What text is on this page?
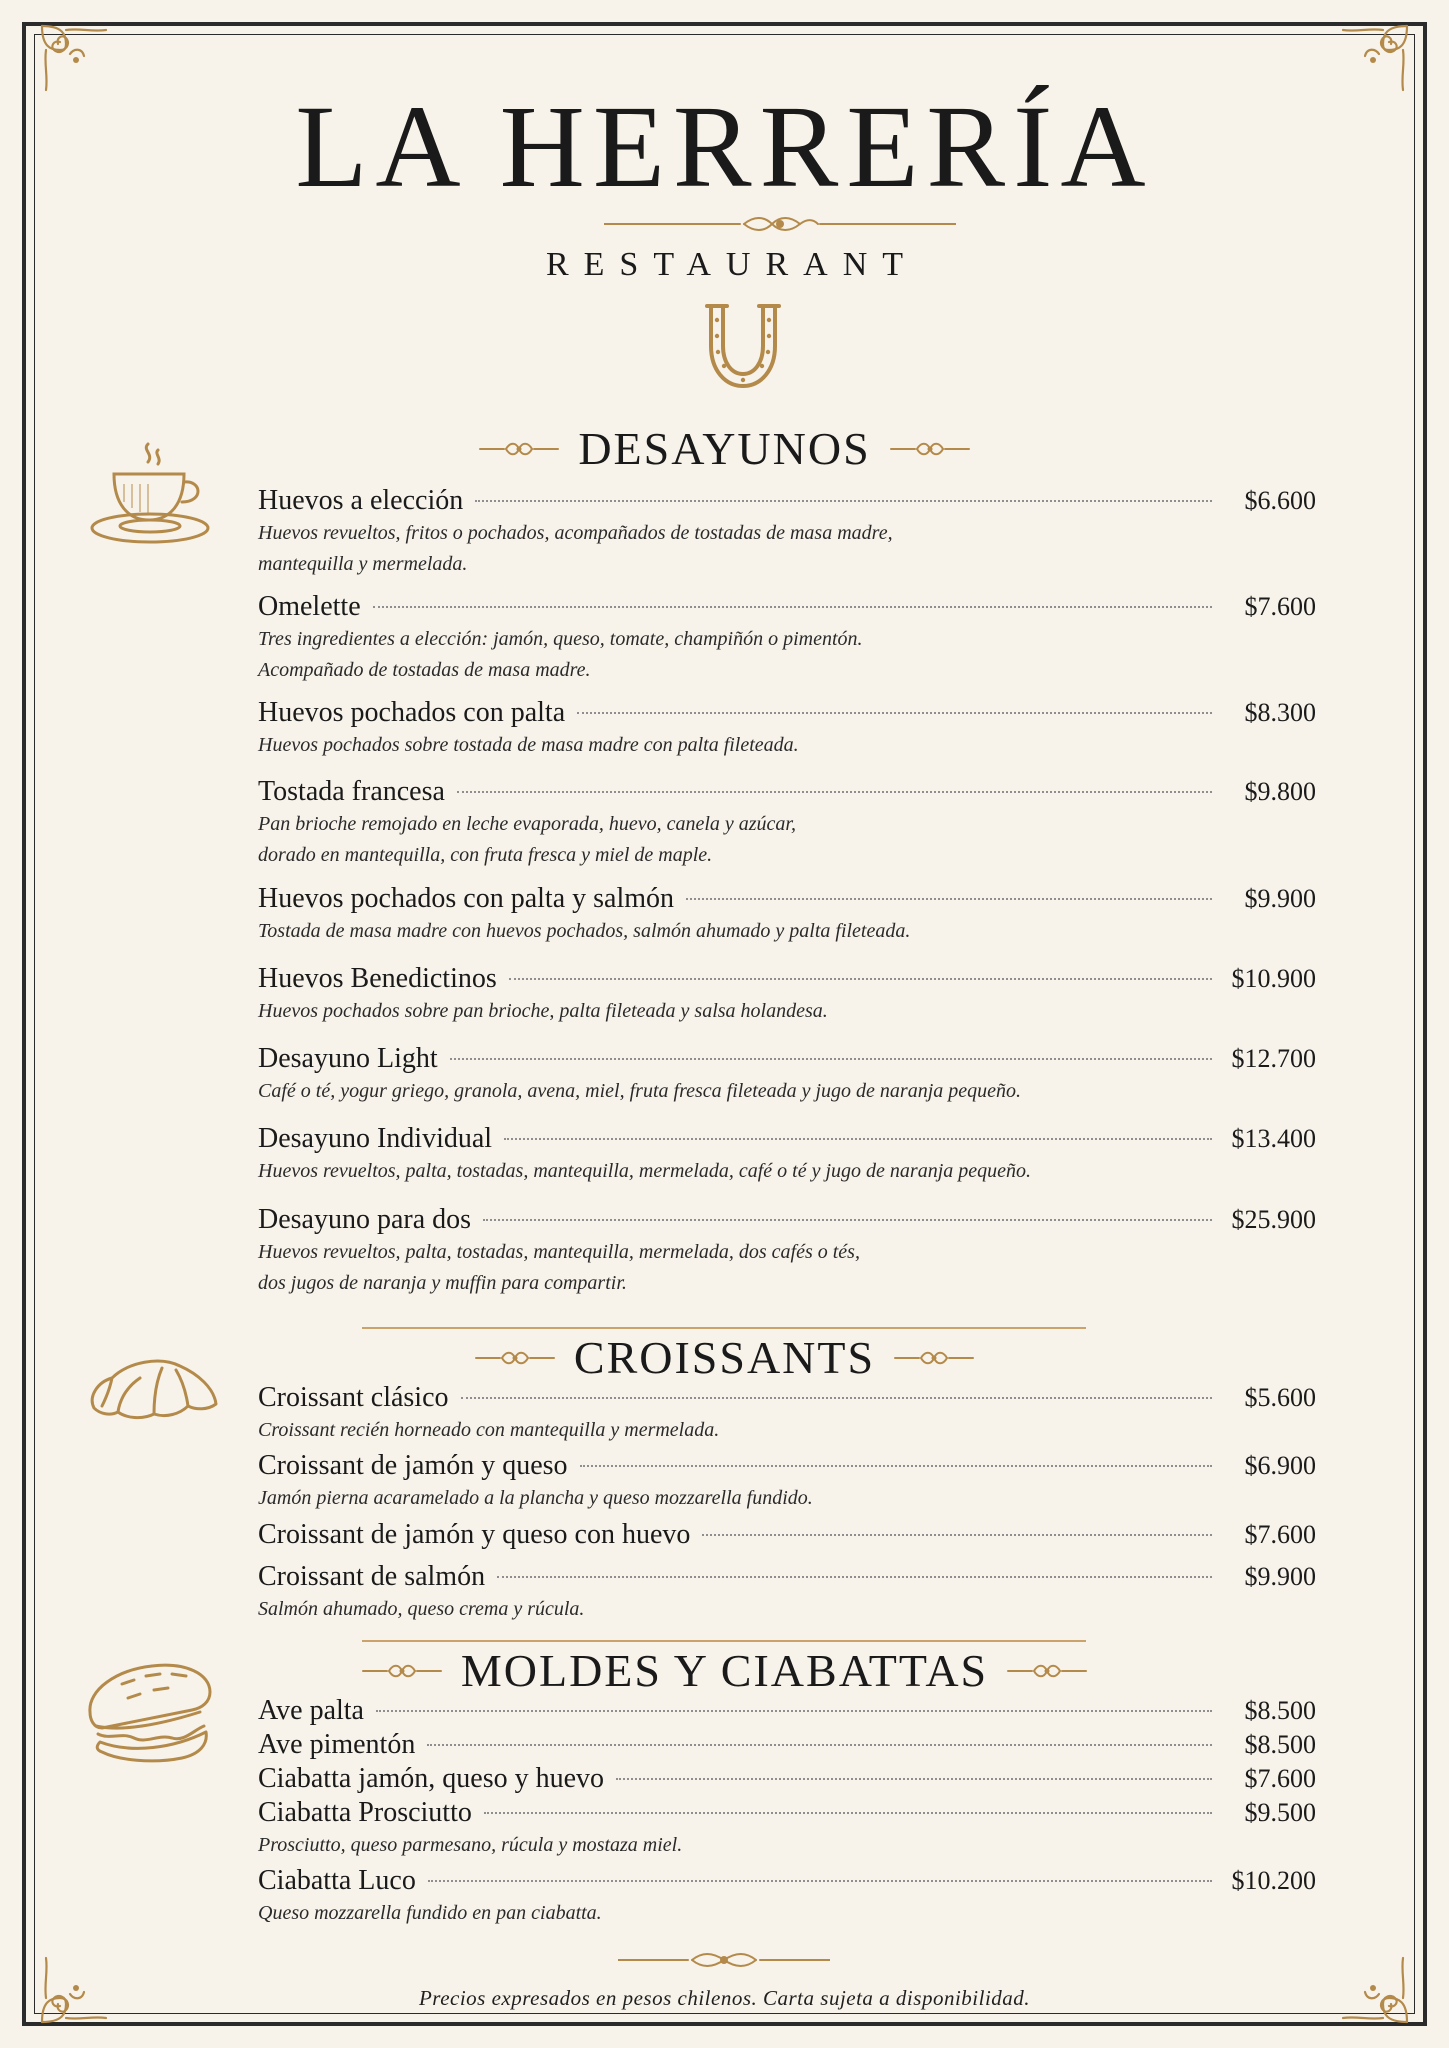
LA HERRERÍA
RESTAURANT
DESAYUNOS
Huevos a elección	$6.600
Huevos revueltos, fritos o pochados, acompañados de tostadas de masa madre,
mantequilla y mermelada.
Omelette	$7.600
Tres ingredientes a elección: jamón, queso, tomate, champiñón o pimentón.
Acompañado de tostadas de masa madre.
Huevos pochados con palta	$8.300
Huevos pochados sobre tostada de masa madre con palta fileteada.
Tostada francesa	$9.800
Pan brioche remojado en leche evaporada, huevo, canela y azúcar,
dorado en mantequilla, con fruta fresca y miel de maple.
Huevos pochados con palta y salmón	$9.900
Tostada de masa madre con huevos pochados, salmón ahumado y palta fileteada.
Huevos Benedictinos	$10.900
Huevos pochados sobre pan brioche, palta fileteada y salsa holandesa.
Desayuno Light	$12.700
Café o té, yogur griego, granola, avena, miel, fruta fresca fileteada y jugo de naranja pequeño.
Desayuno Individual	$13.400
Huevos revueltos, palta, tostadas, mantequilla, mermelada, café o té y jugo de naranja pequeño.
Desayuno para dos	$25.900
Huevos revueltos, palta, tostadas, mantequilla, mermelada, dos cafés o tés,
dos jugos de naranja y muffin para compartir.
CROISSANTS
Croissant clásico	$5.600
Croissant recién horneado con mantequilla y mermelada.
Croissant de jamón y queso	$6.900
Jamón pierna acaramelado a la plancha y queso mozzarella fundido.
Croissant de jamón y queso con huevo	$7.600
Croissant de salmón	$9.900
Salmón ahumado, queso crema y rúcula.
MOLDES Y CIABATTAS
Ave palta	$8.500
Ave pimentón	$8.500
Ciabatta jamón, queso y huevo	$7.600
Ciabatta Prosciutto	$9.500
Prosciutto, queso parmesano, rúcula y mostaza miel.
Ciabatta Luco	$10.200
Queso mozzarella fundido en pan ciabatta.
Precios expresados en pesos chilenos. Carta sujeta a disponibilidad.
